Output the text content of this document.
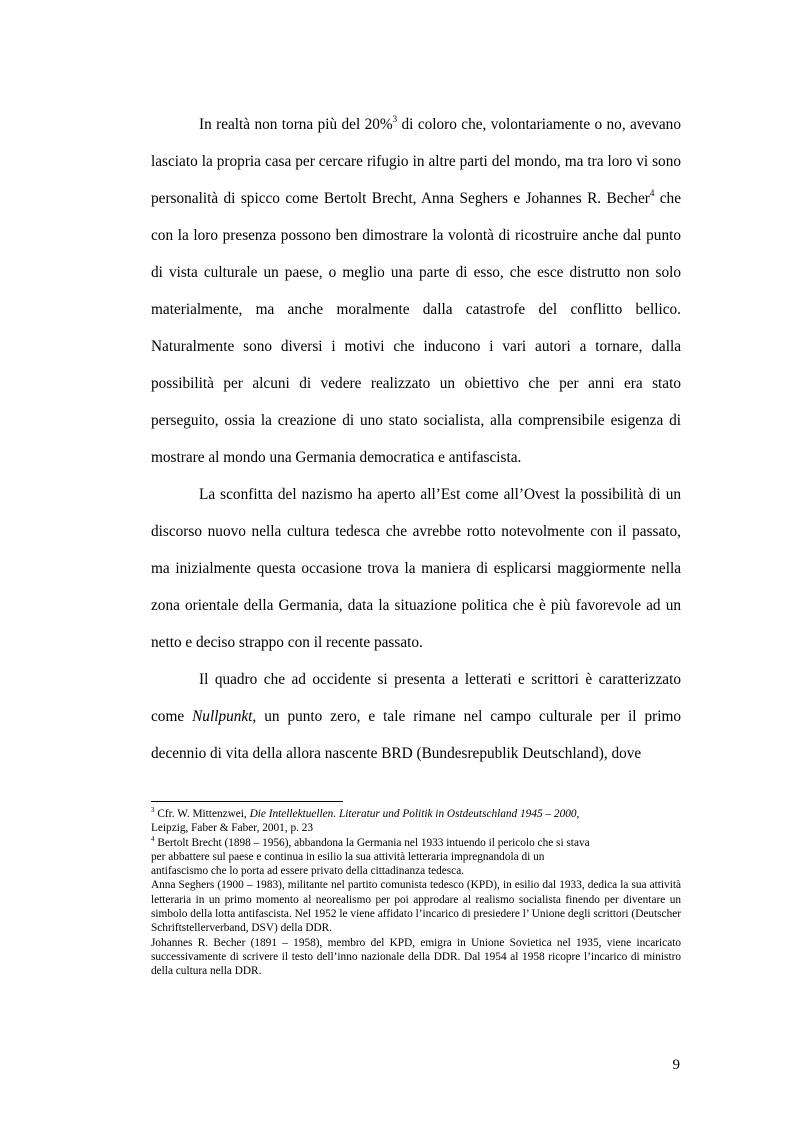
In realtà non torna più del 20%$^3$ di coloro che, volontariamente o no, avevano lasciato la propria casa per cercare rifugio in altre parti del mondo, ma tra loro vi sono personalità di spicco come Bertolt Brecht, Anna Seghers e Johannes R. Becher$^4$ che con la loro presenza possono ben dimostrare la volontà di ricostruire anche dal punto di vista culturale un paese, o meglio una parte di esso, che esce distrutto non solo materialmente, ma anche moralmente dalla catastrofe del conflitto bellico. Naturalmente sono diversi i motivi che inducono i vari autori a tornare, dalla possibilità per alcuni di vedere realizzato un obiettivo che per anni era stato perseguito, ossia la creazione di uno stato socialista, alla comprensibile esigenza di mostrare al mondo una Germania democratica e antifascista.

La sconfitta del nazismo ha aperto all’Est come all’Ovest la possibilità di un discorso nuovo nella cultura tedesca che avrebbe rotto notevolmente con il passato, ma inizialmente questa occasione trova la maniera di esplicarsi maggiormente nella zona orientale della Germania, data la situazione politica che è più favorevole ad un netto e deciso strappo con il recente passato.

Il quadro che ad occidente si presenta a letterati e scrittori è caratterizzato come Nullpunkt, un punto zero, e tale rimane nel campo culturale per il primo decennio di vita della allora nascente BRD (Bundesrepublik Deutschland), dove

$^3$ Cfr. W. Mittenzwei, Die Intellektuellen. Literatur und Politik in Ostdeutschland 1945 – 2000,

Leipzig, Faber & Faber, 2001, p. 23

$^4$ Bertolt Brecht (1898 – 1956), abbandona la Germania nel 1933 intuendo il pericolo che si stava

per abbattere sul paese e continua in esilio la sua attività letteraria impregnandola di un

antifascismo che lo porta ad essere privato della cittadinanza tedesca.

Anna Seghers (1900 – 1983), militante nel partito comunista tedesco (KPD), in esilio dal 1933, dedica la sua attività letteraria in un primo momento al neorealismo per poi approdare al realismo socialista finendo per diventare un simbolo della lotta antifascista. Nel 1952 le viene affidato l’incarico di presiedere l’ Unione degli scrittori (Deutscher Schriftstellerverband, DSV) della DDR.

Johannes R. Becher (1891 – 1958), membro del KPD, emigra in Unione Sovietica nel 1935, viene incaricato successivamente di scrivere il testo dell’inno nazionale della DDR. Dal 1954 al 1958 ricopre l’incarico di ministro della cultura nella DDR.

9
